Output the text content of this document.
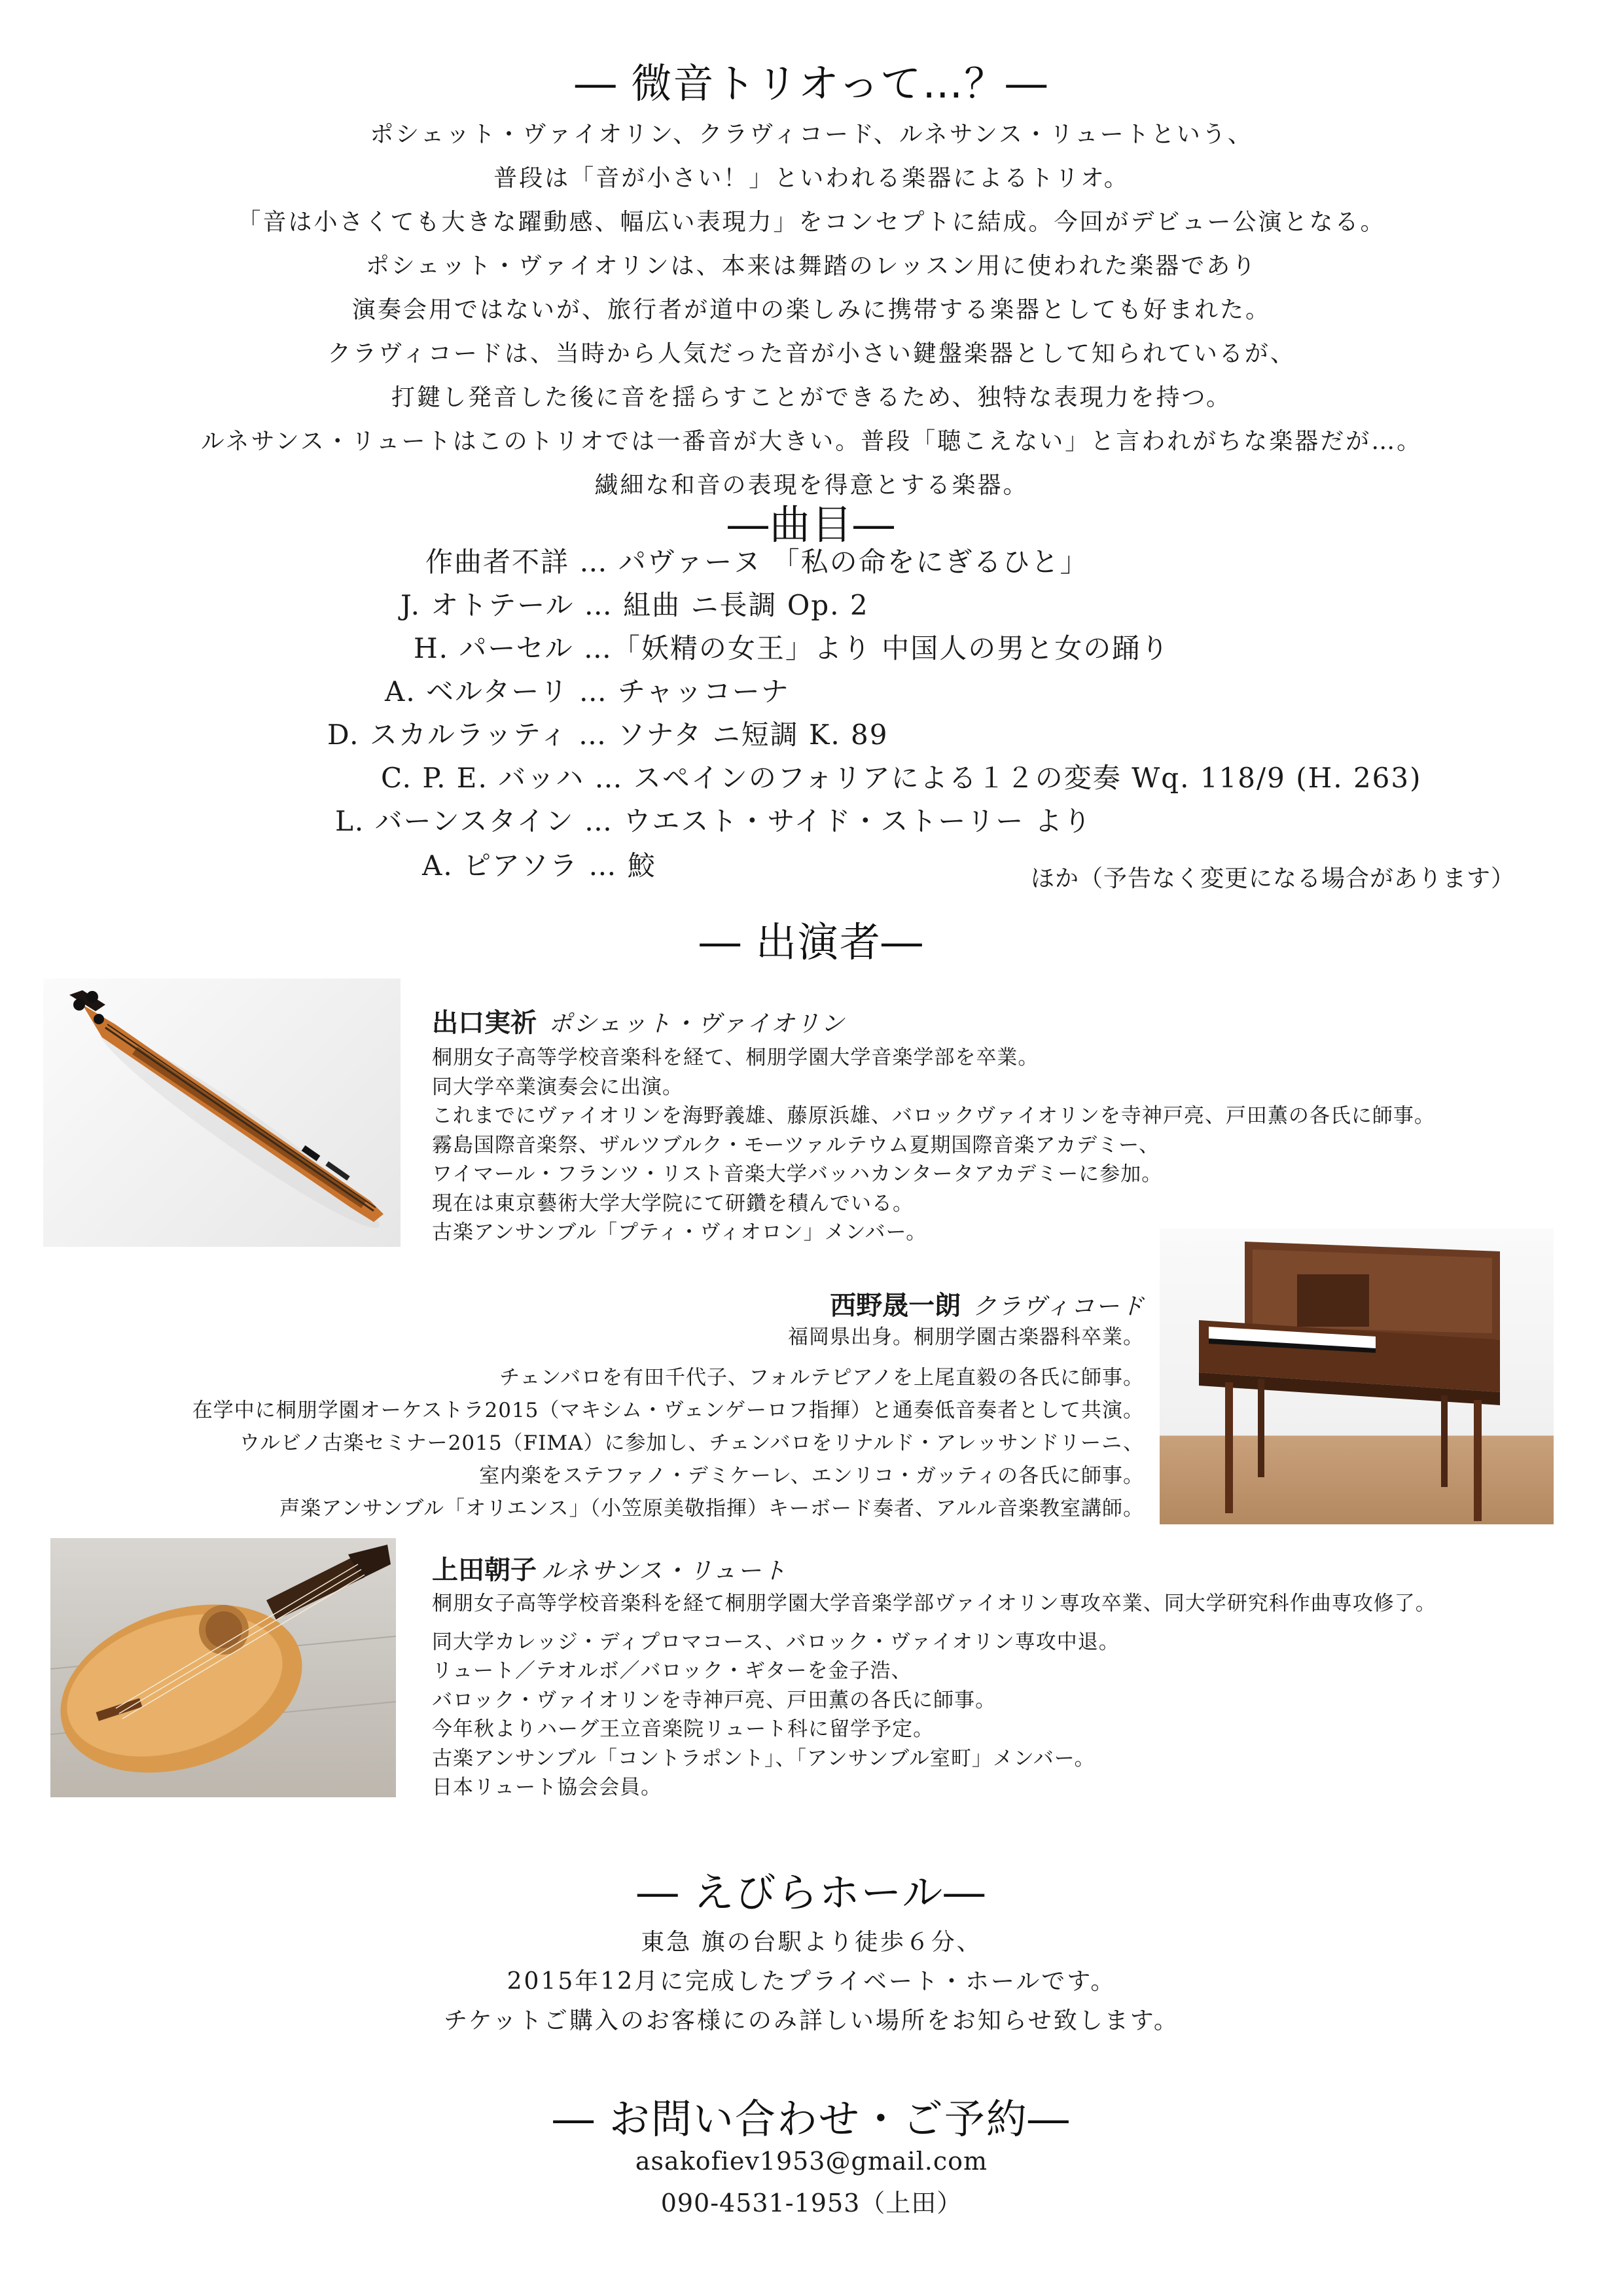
― 微音トリオって…？―
ポシェット・ヴァイオリン、クラヴィコード、ルネサンス・リュートという、
普段は「音が小さい！」といわれる楽器によるトリオ。
「音は小さくても大きな躍動感、幅広い表現力」をコンセプトに結成。今回がデビュー公演となる。
ポシェット・ヴァイオリンは、本来は舞踏のレッスン用に使われた楽器であり
演奏会用ではないが、旅行者が道中の楽しみに携帯する楽器としても好まれた。
クラヴィコードは、当時から人気だった音が小さい鍵盤楽器として知られているが、
打鍵し発音した後に音を揺らすことができるため、独特な表現力を持つ。
ルネサンス・リュートはこのトリオでは一番音が大きい。普段「聴こえない」と言われがちな楽器だが…。
繊細な和音の表現を得意とする楽器。
―曲目―
作曲者不詳 … パヴァーヌ 「私の命をにぎるひと」
J. オトテール … 組曲 ニ長調 Op. 2
H. パーセル …「妖精の女王」より 中国人の男と女の踊り
A. ベルターリ … チャッコーナ
D. スカルラッティ … ソナタ ニ短調 K. 89
C. P. E. バッハ … スペインのフォリアによる１２の変奏 Wq. 118/9 (H. 263)
L. バーンスタイン … ウエスト・サイド・ストーリー より
A. ピアソラ … 鮫	ほか（予告なく変更になる場合があります）
― 出演者―
出口実祈 ポシェット・ヴァイオリン
桐朋女子高等学校音楽科を経て、桐朋学園大学音楽学部を卒業。
同大学卒業演奏会に出演。
これまでにヴァイオリンを海野義雄、藤原浜雄、バロックヴァイオリンを寺神戸亮、戸田薫の各氏に師事。
霧島国際音楽祭、ザルツブルク・モーツァルテウム夏期国際音楽アカデミー、
ワイマール・フランツ・リスト音楽大学バッハカンタータアカデミーに参加。
現在は東京藝術大学大学院にて研鑽を積んでいる。
古楽アンサンブル「プティ・ヴィオロン」メンバー。
西野晟一朗 クラヴィコード
福岡県出身。桐朋学園古楽器科卒業。
チェンバロを有田千代子、フォルテピアノを上尾直毅の各氏に師事。
在学中に桐朋学園オーケストラ2015（マキシム・ヴェンゲーロフ指揮）と通奏低音奏者として共演。
ウルビノ古楽セミナー2015（FIMA）に参加し、チェンバロをリナルド・アレッサンドリーニ、
室内楽をステファノ・デミケーレ、エンリコ・ガッティの各氏に師事。
声楽アンサンブル「オリエンス」（小笠原美敬指揮）キーボード奏者、アルル音楽教室講師。
上田朝子 ルネサンス・リュート
桐朋女子高等学校音楽科を経て桐朋学園大学音楽学部ヴァイオリン専攻卒業、同大学研究科作曲専攻修了。
同大学カレッジ・ディプロマコース、バロック・ヴァイオリン専攻中退。
リュート／テオルボ／バロック・ギターを金子浩、
バロック・ヴァイオリンを寺神戸亮、戸田薫の各氏に師事。
今年秋よりハーグ王立音楽院リュート科に留学予定。
古楽アンサンブル「コントラポント」、「アンサンブル室町」メンバー。
日本リュート協会会員。
― えびらホール―
東急 旗の台駅より徒歩６分、
2015年12月に完成したプライベート・ホールです。
チケットご購入のお客様にのみ詳しい場所をお知らせ致します。
― お問い合わせ・ご予約―
asakofiev1953@gmail.com
090-4531-1953（上田）
